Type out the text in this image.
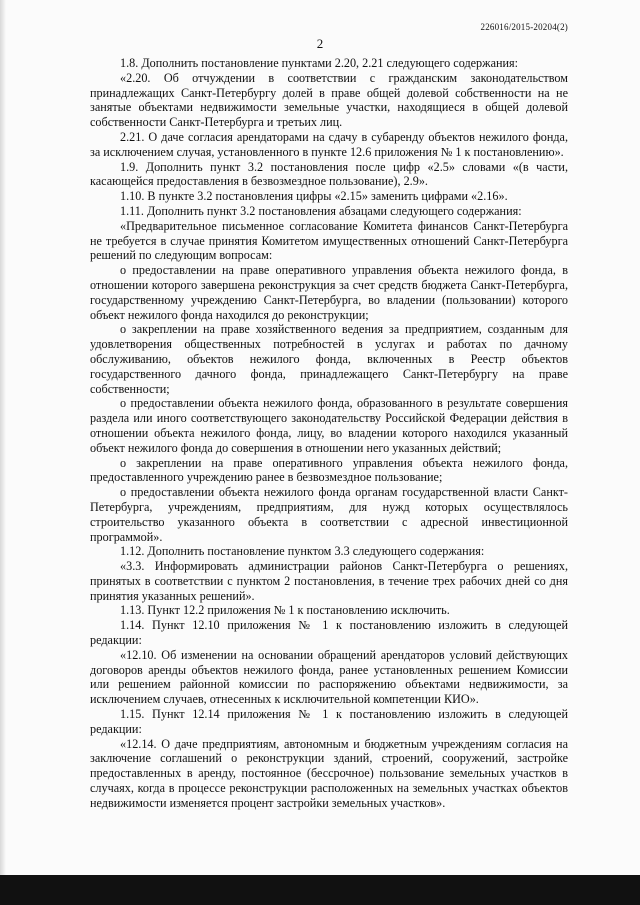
226016/2015-20204(2)
2

1.8. Дополнить постановление пунктами 2.20, 2.21 следующего содержания:

«2.20. Об отчуждении в соответствии с гражданским законодательством принадлежащих Санкт-Петербургу долей в праве общей долевой собственности на не занятые объектами недвижимости земельные участки, находящиеся в общей долевой собственности Санкт-Петербурга и третьих лиц.

2.21. О даче согласия арендаторами на сдачу в субаренду объектов нежилого фонда, за исключением случая, установленного в пункте 12.6 приложения № 1 к постановлению».

1.9. Дополнить пункт 3.2 постановления после цифр «2.5» словами «(в части, касающейся предоставления в безвозмездное пользование), 2.9».

1.10. В пункте 3.2 постановления цифры «2.15» заменить цифрами «2.16».

1.11. Дополнить пункт 3.2 постановления абзацами следующего содержания:

«Предварительное письменное согласование Комитета финансов Санкт-Петербурга не требуется в случае принятия Комитетом имущественных отношений Санкт-Петербурга решений по следующим вопросам:

о предоставлении на праве оперативного управления объекта нежилого фонда, в отношении которого завершена реконструкция за счет средств бюджета Санкт-Петербурга, государственному учреждению Санкт-Петербурга, во владении (пользовании) которого объект нежилого фонда находился до реконструкции;

о закреплении на праве хозяйственного ведения за предприятием, созданным для удовлетворения общественных потребностей в услугах и работах по дачному обслуживанию, объектов нежилого фонда, включенных в Реестр объектов государственного дачного фонда, принадлежащего Санкт-Петербургу на праве собственности;

о предоставлении объекта нежилого фонда, образованного в результате совершения раздела или иного соответствующего законодательству Российской Федерации действия в отношении объекта нежилого фонда, лицу, во владении которого находился указанный объект нежилого фонда до совершения в отношении него указанных действий;

о закреплении на праве оперативного управления объекта нежилого фонда, предоставленного учреждению ранее в безвозмездное пользование;

о предоставлении объекта нежилого фонда органам государственной власти Санкт-Петербурга, учреждениям, предприятиям, для нужд которых осуществлялось строительство указанного объекта в соответствии с адресной инвестиционной программой».

1.12. Дополнить постановление пунктом 3.3 следующего содержания:

«3.3. Информировать администрации районов Санкт-Петербурга о решениях, принятых в соответствии с пунктом 2 постановления, в течение трех рабочих дней со дня принятия указанных решений».

1.13. Пункт 12.2 приложения № 1 к постановлению исключить.

1.14. Пункт 12.10 приложения № 1 к постановлению изложить в следующей редакции:

«12.10. Об изменении на основании обращений арендаторов условий действующих договоров аренды объектов нежилого фонда, ранее установленных решением Комиссии или решением районной комиссии по распоряжению объектами недвижимости, за исключением случаев, отнесенных к исключительной компетенции КИО».

1.15. Пункт 12.14 приложения № 1 к постановлению изложить в следующей редакции:

«12.14. О даче предприятиям, автономным и бюджетным учреждениям согласия на заключение соглашений о реконструкции зданий, строений, сооружений, застройке предоставленных в аренду, постоянное (бессрочное) пользование земельных участков в случаях, когда в процессе реконструкции расположенных на земельных участках объектов недвижимости изменяется процент застройки земельных участков».
